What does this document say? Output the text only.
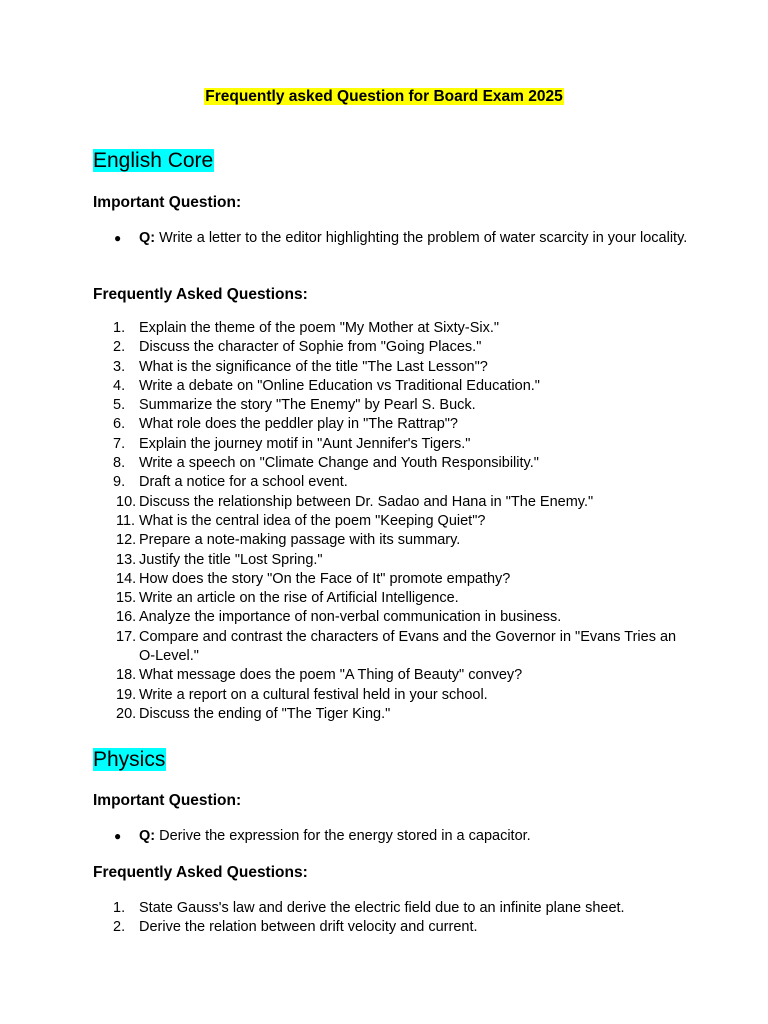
Frequently asked Question for Board Exam 2025
English Core
Important Question:
● Q: Write a letter to the editor highlighting the problem of water scarcity in your locality.
Frequently Asked Questions:
1. Explain the theme of the poem "My Mother at Sixty-Six."
2. Discuss the character of Sophie from "Going Places."
3. What is the significance of the title "The Last Lesson"?
4. Write a debate on "Online Education vs Traditional Education."
5. Summarize the story "The Enemy" by Pearl S. Buck.
6. What role does the peddler play in "The Rattrap"?
7. Explain the journey motif in "Aunt Jennifer's Tigers."
8. Write a speech on "Climate Change and Youth Responsibility."
9. Draft a notice for a school event.
10. Discuss the relationship between Dr. Sadao and Hana in "The Enemy."
11. What is the central idea of the poem "Keeping Quiet"?
12. Prepare a note-making passage with its summary.
13. Justify the title "Lost Spring."
14. How does the story "On the Face of It" promote empathy?
15. Write an article on the rise of Artificial Intelligence.
16. Analyze the importance of non-verbal communication in business.
17. Compare and contrast the characters of Evans and the Governor in "Evans Tries an O-Level."
18. What message does the poem "A Thing of Beauty" convey?
19. Write a report on a cultural festival held in your school.
20. Discuss the ending of "The Tiger King."
Physics
Important Question:
● Q: Derive the expression for the energy stored in a capacitor.
Frequently Asked Questions:
1. State Gauss's law and derive the electric field due to an infinite plane sheet.
2. Derive the relation between drift velocity and current.
